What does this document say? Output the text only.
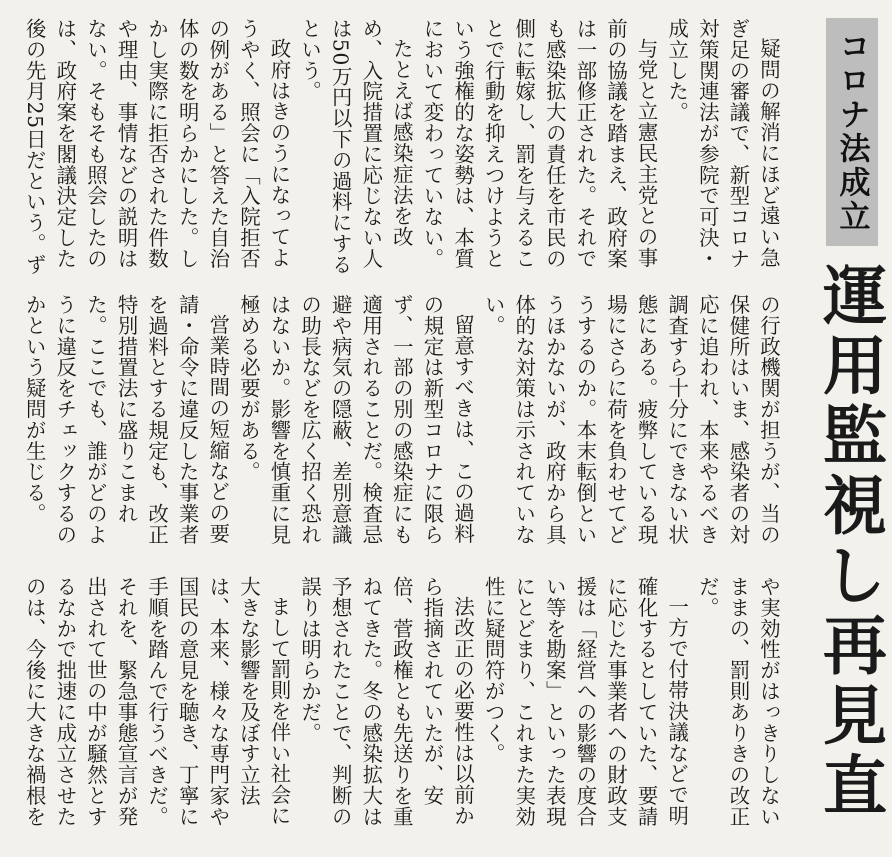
コロナ法成立
運用監視し再見直

疑問の解消にほど遠い急ぎ足の審議で、新型コロナ対策関連法が参院で可決・成立した。

与党と立憲民主党との事前の協議を踏まえ、政府案は一部修正された。それでも感染拡大の責任を市民の側に転嫁し、罰を与えることで行動を抑えつけようという強権的な姿勢は、本質において変わっていない。

たとえば感染症法を改め、入院措置に応じない人は50万円以下の過料にするという。

政府はきのうになってようやく、照会に「入院拒否の例がある」と答えた自治体の数を明らかにした。しかし実際に拒否された件数や理由、事情などの説明はない。そもそも照会したのは、政府案を閣議決定した後の先月25日だという。ず

の行政機関が担うが、当の保健所はいま、感染者の対応に追われ、本来やるべき調査すら十分にできない状態にある。疲弊している現場にさらに荷を負わせてどうするのか。本末転倒というほかないが、政府から具体的な対策は示されていない。

留意すべきは、この過料の規定は新型コロナに限らず、一部の別の感染症にも適用されることだ。検査忌避や病気の隠蔽、差別意識の助長などを広く招く恐れはないか。影響を慎重に見極める必要がある。

営業時間の短縮などの要請・命令に違反した事業者を過料とする規定も、改正特別措置法に盛りこまれた。ここでも、誰がどのように違反をチェックするのかという疑問が生じる。

や実効性がはっきりしないままの、罰則ありきの改正だ。

一方で付帯決議などで明確化するとしていた、要請に応じた事業者への財政支援は「経営への影響の度合い等を勘案」といった表現にとどまり、これまた実効性に疑問符がつく。

法改正の必要性は以前から指摘されていたが、安倍、菅政権とも先送りを重ねてきた。冬の感染拡大は予想されたことで、判断の誤りは明らかだ。

まして罰則を伴い社会に大きな影響を及ぼす立法は、本来、様々な専門家や国民の意見を聴き、丁寧に手順を踏んで行うべきだ。それを、緊急事態宣言が発出されて世の中が騒然とするなかで拙速に成立させたのは、今後に大きな禍根を
